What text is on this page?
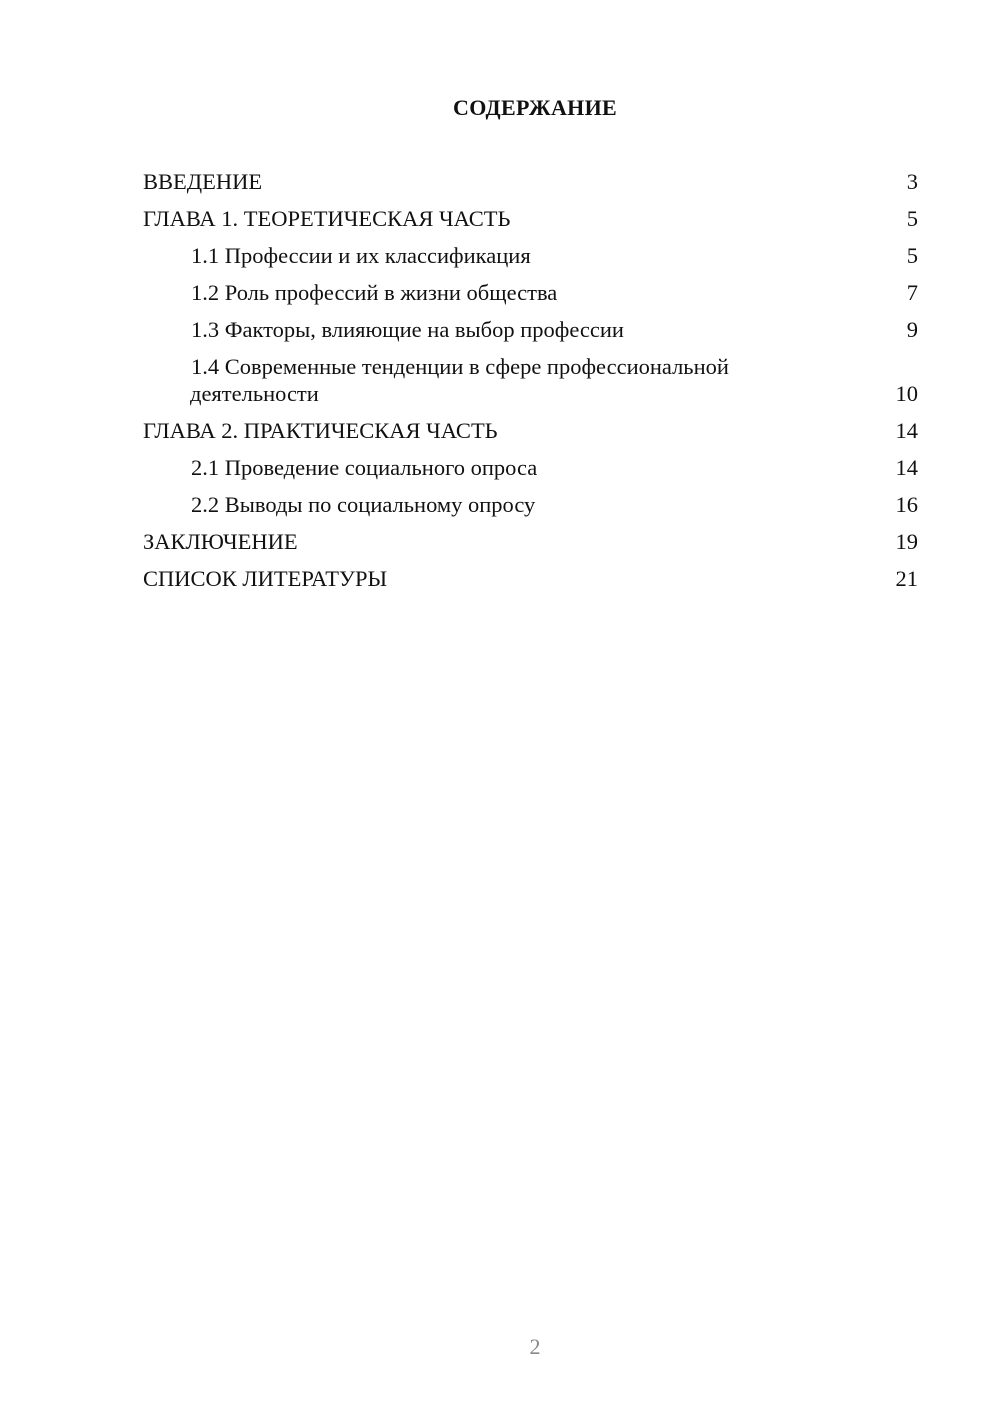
СОДЕРЖАНИЕ
ВВЕДЕНИЕ	3
ГЛАВА 1. ТЕОРЕТИЧЕСКАЯ ЧАСТЬ	5
1.1 Профессии и их классификация	5
1.2 Роль профессий в жизни общества	7
1.3 Факторы, влияющие на выбор профессии	9
1.4 Современные тенденции в сфере профессиональной
деятельности	10
ГЛАВА 2. ПРАКТИЧЕСКАЯ ЧАСТЬ	14
2.1 Проведение социального опроса	14
2.2 Выводы по социальному опросу	16
ЗАКЛЮЧЕНИЕ	19
СПИСОК ЛИТЕРАТУРЫ	21
2
